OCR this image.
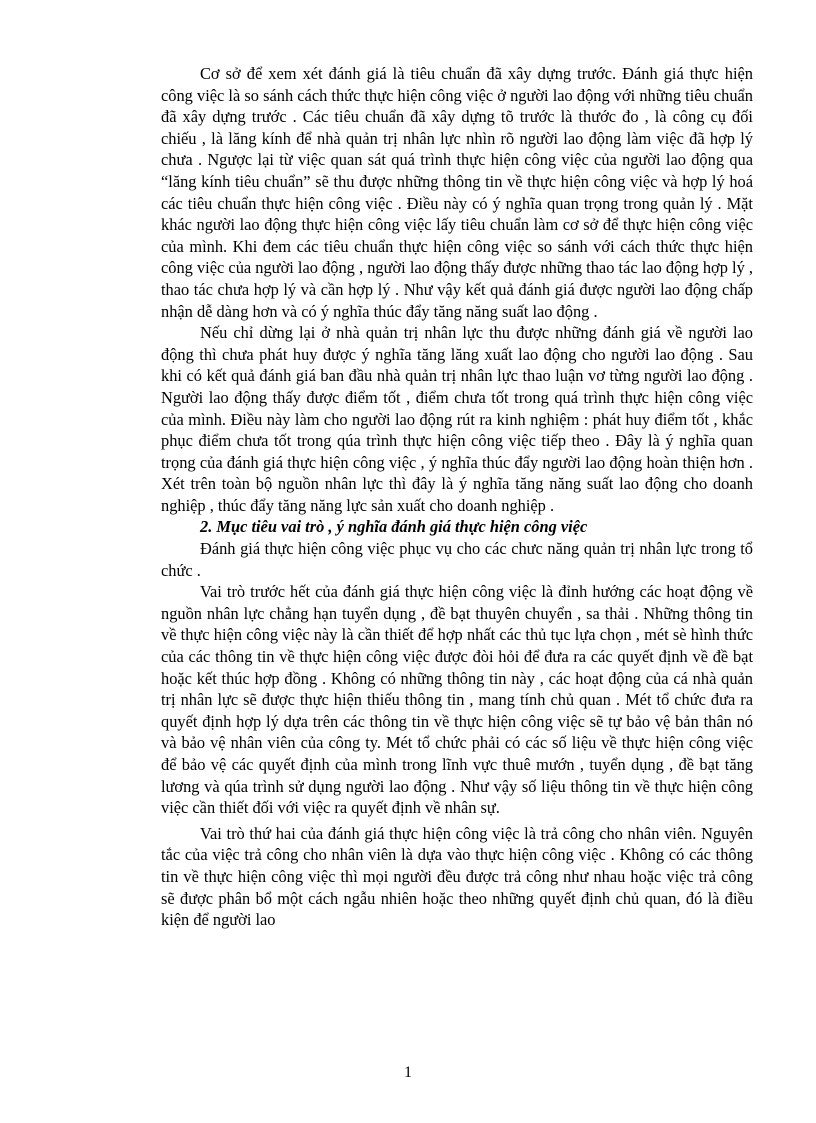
Cơ sở để xem xét đánh giá là tiêu chuẩn đã xây dựng trước. Đánh giá thực hiện công việc là so sánh cách thức thực hiện công việc ở người lao động với những tiêu chuẩn đã xây dựng trước . Các tiêu chuẩn đã xây dựng tõ trước là thước đo , là công cụ đối chiếu , là lăng kính để nhà quản trị nhân lực nhìn rõ người lao động làm việc đã hợp lý chưa . Ngược lại từ việc quan sát quá trình thực hiện công việc của người lao động qua “lăng kính tiêu chuẩn” sẽ thu được những thông tin về thực hiện công việc và hợp lý hoá các tiêu chuẩn thực hiện công việc . Điều này có ý nghĩa quan trọng trong quản lý . Mặt khác người lao động thực hiện công việc lấy tiêu chuẩn làm cơ sở để thực hiện công việc của mình. Khi đem các tiêu chuẩn thực hiện công việc so sánh với cách thức thực hiện công việc của người lao động , người lao động thấy được những thao tác lao động hợp lý , thao tác chưa hợp lý và cần hợp lý . Như vậy kết quả đánh giá được người lao động chấp nhận dễ dàng hơn và có ý nghĩa thúc đẩy tăng năng suất lao động .

Nếu chỉ dừng lại ở nhà quản trị nhân lực thu được những đánh giá về người lao động thì chưa phát huy được ý nghĩa tăng lăng xuất lao động cho người lao động . Sau khi có kết quả đánh giá ban đầu nhà quản trị nhân lực thao luận vơ từng người lao động . Người lao động thấy được điểm tốt , điểm chưa tốt trong quá trình thực hiện công việc của mình. Điều này làm cho người lao động rút ra kinh nghiệm : phát huy điểm tốt , khắc phục điểm chưa tốt trong qúa trình thực hiện công việc tiếp theo . Đây là ý nghĩa quan trọng của đánh giá thực hiện công việc , ý nghĩa thúc đẩy người lao động hoàn thiện hơn . Xét trên toàn bộ nguồn nhân lực thì đây là ý nghĩa tăng năng suất lao động cho doanh nghiệp , thúc đẩy tăng năng lực sản xuất cho doanh nghiệp .

2. Mục tiêu vai trò , ý nghĩa đánh giá thực hiện công việc

Đánh giá thực hiện công việc phục vụ cho các chưc năng quản trị nhân lực trong tổ chức .

Vai trò trước hết của đánh giá thực hiện công việc là đỉnh hướng các hoạt động về nguồn nhân lực chẳng hạn tuyển dụng , đề bạt thuyên chuyển , sa thải . Những thông tin về thực hiện công việc này là cần thiết để hợp nhất các thủ tục lựa chọn , mét sè hình thức của các thông tin về thực hiện công việc được đòi hỏi để đưa ra các quyết định về đề bạt hoặc kết thúc hợp đồng . Không có những thông tin này , các hoạt động của cá nhà quản trị nhân lực sẽ được thực hiện thiếu thông tin , mang tính chủ quan . Mét tổ chức đưa ra quyết định hợp lý dựa trên các thông tin về thực hiện công việc sẽ tự bảo vệ bản thân nó và bảo vệ nhân viên của công ty. Mét tổ chức phải có các số liệu về thực hiện công việc để bảo vệ các quyết định của mình trong lĩnh vực thuê mướn , tuyển dụng , đề bạt tăng lương và qúa trình sử dụng người lao động . Như vậy số liệu thông tin về thực hiện công việc cần thiết đối với việc ra quyết định về nhân sự.

Vai trò thứ hai của đánh giá thực hiện công việc là trả công cho nhân viên. Nguyên tắc của việc trả công cho nhân viên là dựa vào thực hiện công việc . Không có các thông tin về thực hiện công việc thì mọi người đều được trả công như nhau hoặc việc trả công sẽ được phân bổ một cách ngẫu nhiên hoặc theo những quyết định chủ quan, đó là điều kiện để người lao

1
